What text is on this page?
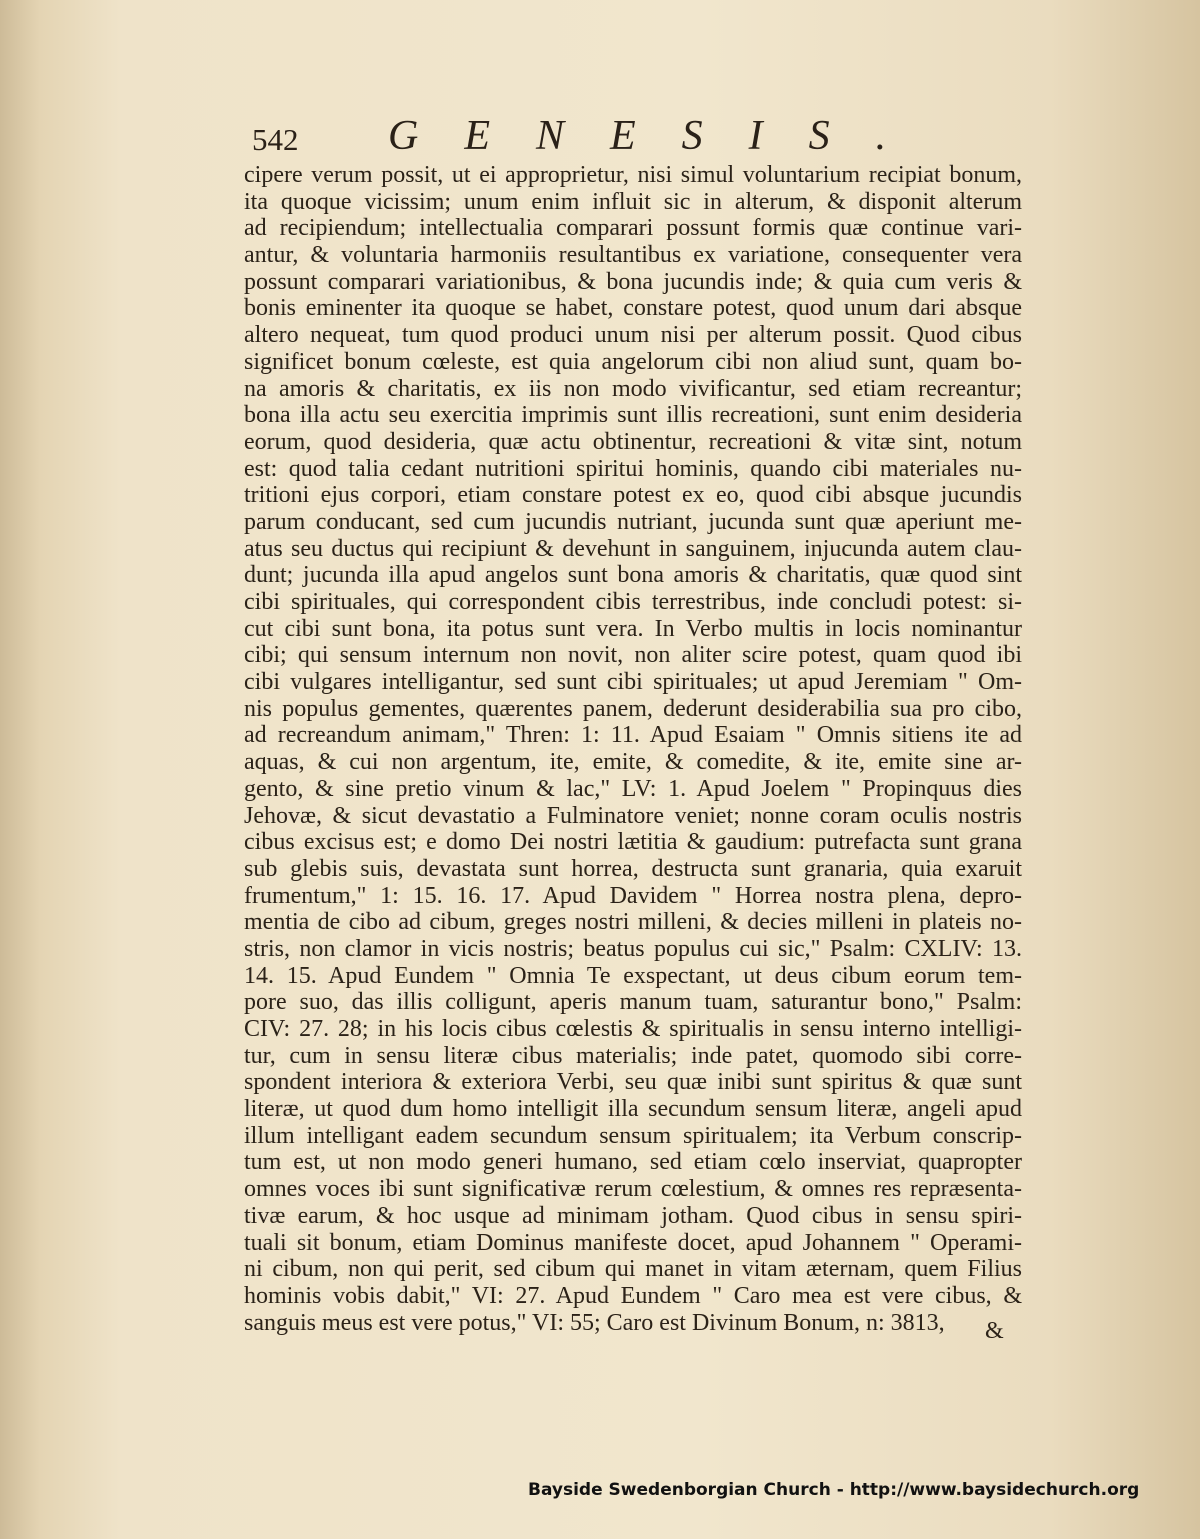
542 GENESIS.
cipere verum possit, ut ei approprietur, nisi simul voluntarium recipiat bonum,
ita quoque vicissim; unum enim influit sic in alterum, & disponit alterum
ad recipiendum; intellectualia comparari possunt formis quæ continue vari-
antur, & voluntaria harmoniis resultantibus ex variatione, consequenter vera
possunt comparari variationibus, & bona jucundis inde; & quia cum veris &
bonis eminenter ita quoque se habet, constare potest, quod unum dari absque
altero nequeat, tum quod produci unum nisi per alterum possit. Quod cibus
significet bonum cœleste, est quia angelorum cibi non aliud sunt, quam bo-
na amoris & charitatis, ex iis non modo vivificantur, sed etiam recreantur;
bona illa actu seu exercitia imprimis sunt illis recreationi, sunt enim desideria
eorum, quod desideria, quæ actu obtinentur, recreationi & vitæ sint, notum
est: quod talia cedant nutritioni spiritui hominis, quando cibi materiales nu-
tritioni ejus corpori, etiam constare potest ex eo, quod cibi absque jucundis
parum conducant, sed cum jucundis nutriant, jucunda sunt quæ aperiunt me-
atus seu ductus qui recipiunt & devehunt in sanguinem, injucunda autem clau-
dunt; jucunda illa apud angelos sunt bona amoris & charitatis, quæ quod sint
cibi spirituales, qui correspondent cibis terrestribus, inde concludi potest: si-
cut cibi sunt bona, ita potus sunt vera. In Verbo multis in locis nominantur
cibi; qui sensum internum non novit, non aliter scire potest, quam quod ibi
cibi vulgares intelligantur, sed sunt cibi spirituales; ut apud Jeremiam " Om-
nis populus gementes, quærentes panem, dederunt desiderabilia sua pro cibo,
ad recreandum animam," Thren: 1: 11. Apud Esaiam " Omnis sitiens ite ad
aquas, & cui non argentum, ite, emite, & comedite, & ite, emite sine ar-
gento, & sine pretio vinum & lac," LV: 1. Apud Joelem " Propinquus dies
Jehovæ, & sicut devastatio a Fulminatore veniet; nonne coram oculis nostris
cibus excisus est; e domo Dei nostri lætitia & gaudium: putrefacta sunt grana
sub glebis suis, devastata sunt horrea, destructa sunt granaria, quia exaruit
frumentum," 1: 15. 16. 17. Apud Davidem " Horrea nostra plena, depro-
mentia de cibo ad cibum, greges nostri milleni, & decies milleni in plateis no-
stris, non clamor in vicis nostris; beatus populus cui sic," Psalm: CXLIV: 13.
14. 15. Apud Eundem " Omnia Te exspectant, ut deus cibum eorum tem-
pore suo, das illis colligunt, aperis manum tuam, saturantur bono," Psalm:
CIV: 27. 28; in his locis cibus cœlestis & spiritualis in sensu interno intelligi-
tur, cum in sensu literæ cibus materialis; inde patet, quomodo sibi corre-
spondent interiora & exteriora Verbi, seu quæ inibi sunt spiritus & quæ sunt
literæ, ut quod dum homo intelligit illa secundum sensum literæ, angeli apud
illum intelligant eadem secundum sensum spiritualem; ita Verbum conscrip-
tum est, ut non modo generi humano, sed etiam cœlo inserviat, quapropter
omnes voces ibi sunt significativæ rerum cœlestium, & omnes res repræsenta-
tivæ earum, & hoc usque ad minimam jotham. Quod cibus in sensu spiri-
tuali sit bonum, etiam Dominus manifeste docet, apud Johannem " Operami-
ni cibum, non qui perit, sed cibum qui manet in vitam æternam, quem Filius
hominis vobis dabit," VI: 27. Apud Eundem " Caro mea est vere cibus, &
sanguis meus est vere potus," VI: 55; Caro est Divinum Bonum, n: 3813,	&
Bayside Swedenborgian Church - http://www.baysidechurch.org
